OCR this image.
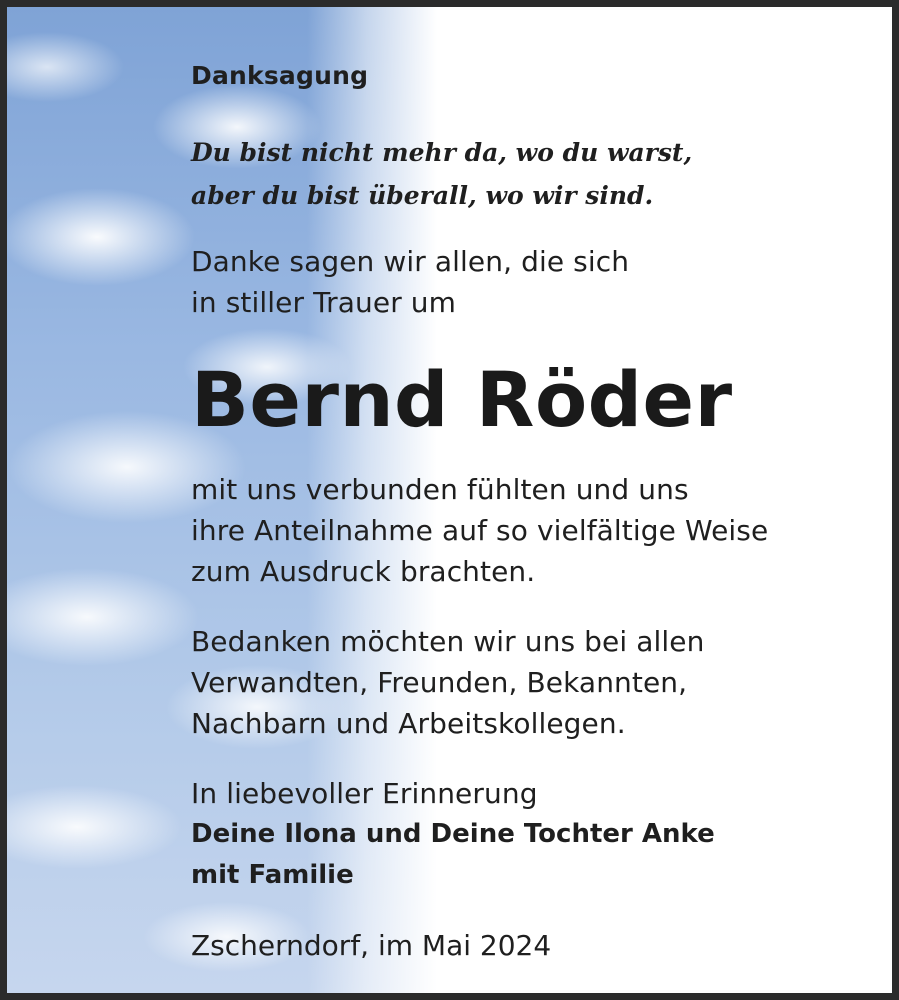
Danksagung

Du bist nicht mehr da, wo du warst,
aber du bist überall, wo wir sind.

Danke sagen wir allen, die sich
in stiller Trauer um

Bernd Röder

mit uns verbunden fühlten und uns
ihre Anteilnahme auf so vielfältige Weise
zum Ausdruck brachten.

Bedanken möchten wir uns bei allen
Verwandten, Freunden, Bekannten,
Nachbarn und Arbeitskollegen.

In liebevoller Erinnerung

Deine Ilona und Deine Tochter Anke
mit Familie

Zscherndorf, im Mai 2024
